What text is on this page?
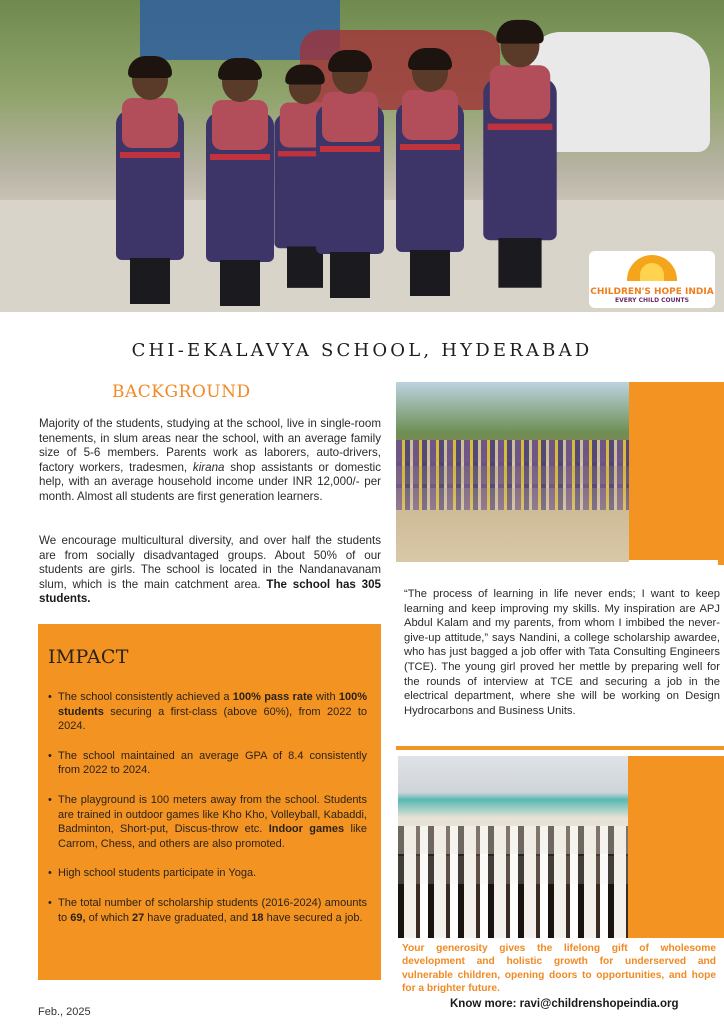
CHILDREN'S HOPE INDIA
EVERY CHILD COUNTS
CHI-EKALAVYA SCHOOL, HYDERABAD
BACKGROUND

Majority of the students, studying at the school, live in single-room tenements, in slum areas near the school, with an average family size of 5-6 members. Parents work as laborers, auto-drivers, factory workers, tradesmen, kirana shop assistants or domestic help, with an average household income under INR 12,000/- per month. Almost all students are first generation learners.

We encourage multicultural diversity, and over half the students are from socially disadvantaged groups. About 50% of our students are girls. The school is located in the Nandanavanam slum, which is the main catchment area. The school has 305 students.

IMPACT
• The school consistently achieved a 100% pass rate with 100% students securing a first-class (above 60%), from 2022 to 2024.
• The school maintained an average GPA of 8.4 consistently from 2022 to 2024.
• The playground is 100 meters away from the school. Students are trained in outdoor games like Kho Kho, Volleyball, Kabaddi, Badminton, Short-put, Discus-throw etc. Indoor games like Carrom, Chess, and others are also promoted.
• High school students participate in Yoga.
• The total number of scholarship students (2016-2024) amounts to 69, of which 27 have graduated, and 18 have secured a job.

“The process of learning in life never ends; I want to keep learning and keep improving my skills. My inspiration are APJ Abdul Kalam and my parents, from whom I imbibed the never-give-up attitude,” says Nandini, a college scholarship awardee, who has just bagged a job offer with Tata Consulting Engineers (TCE). The young girl proved her mettle by preparing well for the rounds of interview at TCE and securing a job in the electrical department, where she will be working on Design Hydrocarbons and Business Units.

Your generosity gives the lifelong gift of wholesome development and holistic growth for underserved and vulnerable children, opening doors to opportunities, and hope for a brighter future.

Know more: ravi@childrenshopeindia.org
Feb., 2025
